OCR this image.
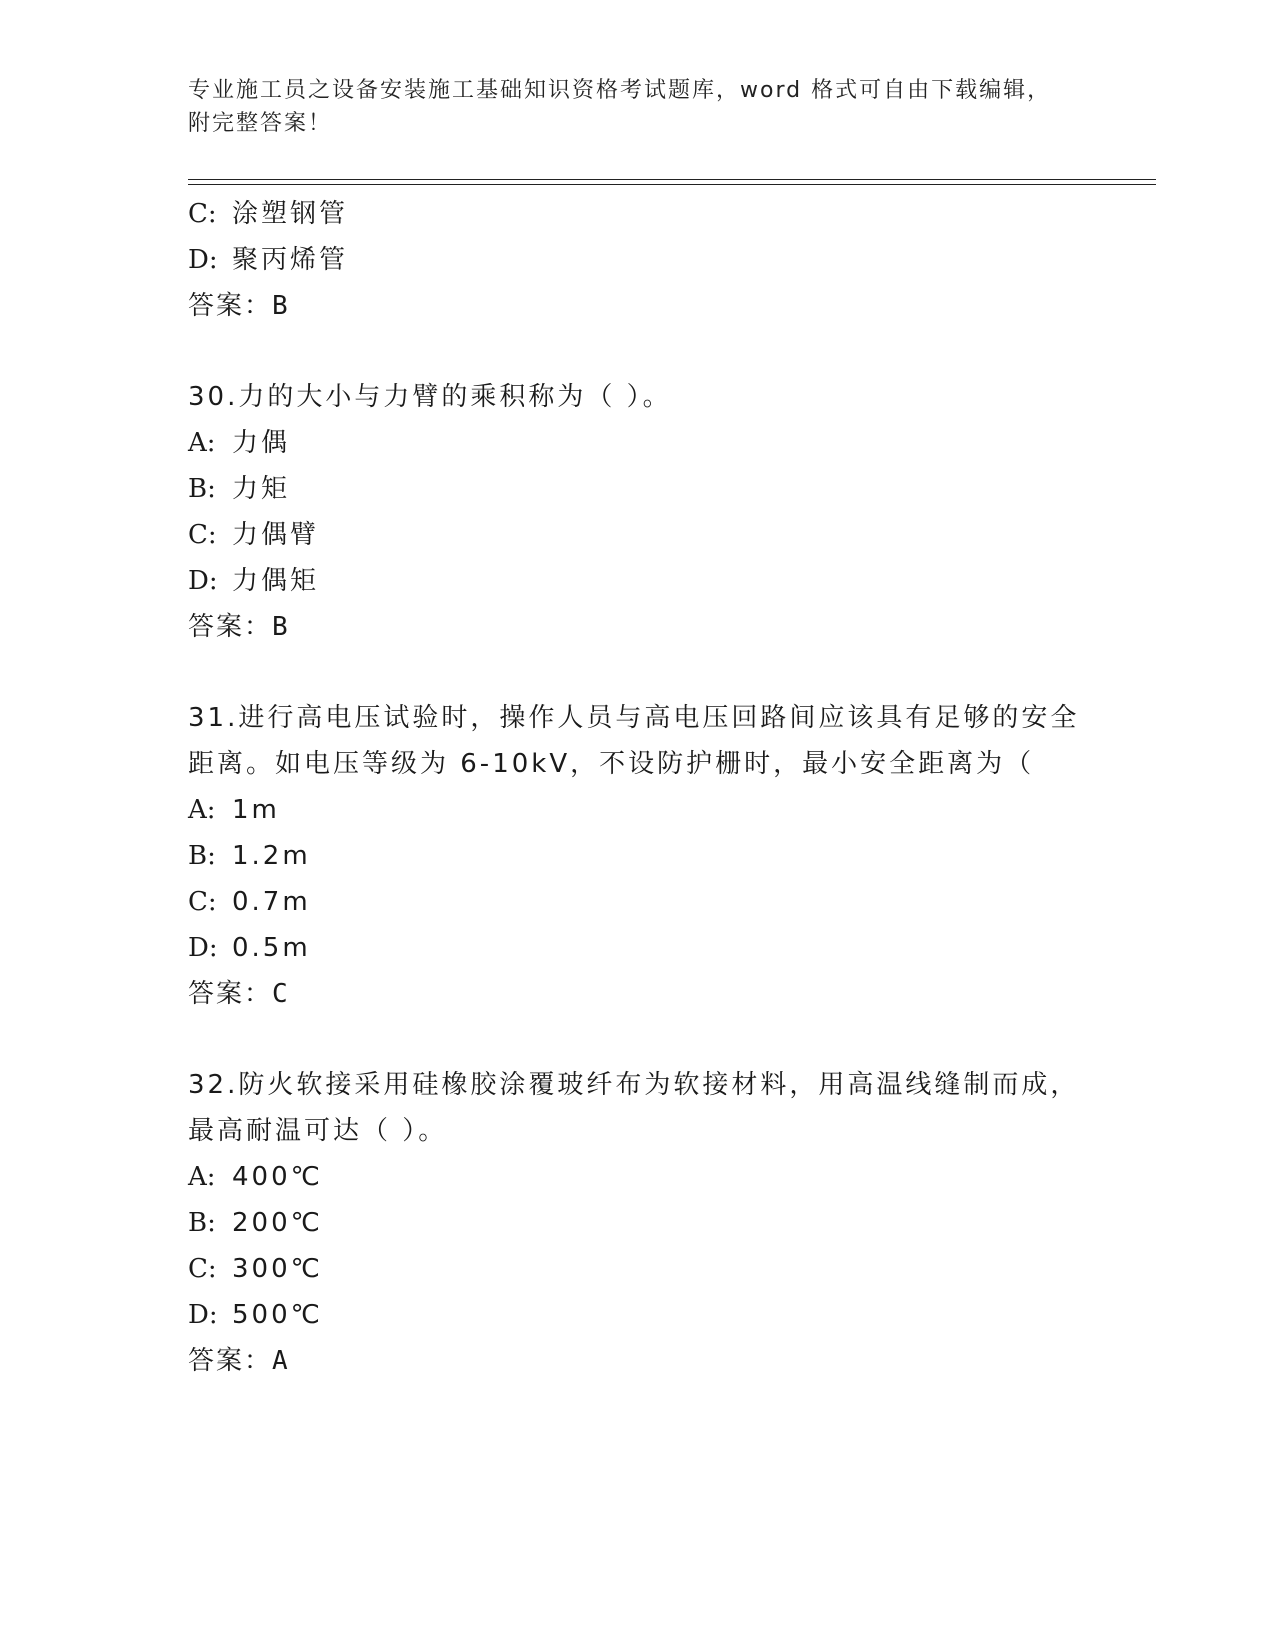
专业施工员之设备安装施工基础知识资格考试题库，word 格式可自由下载编辑，
附完整答案！
C: 涂塑钢管
D: 聚丙烯管
答案：B
30.力的大小与力臂的乘积称为（ ）。
A: 力偶
B: 力矩
C: 力偶臂
D: 力偶矩
答案：B
31.进行高电压试验时，操作人员与高电压回路间应该具有足够的安全
距离。如电压等级为 6-10kV，不设防护栅时，最小安全距离为（
A: 1m
B: 1.2m
C: 0.7m
D: 0.5m
答案：C
32.防火软接采用硅橡胶涂覆玻纤布为软接材料，用高温线缝制而成，
最高耐温可达（ ）。
A: 400℃
B: 200℃
C: 300℃
D: 500℃
答案：A
